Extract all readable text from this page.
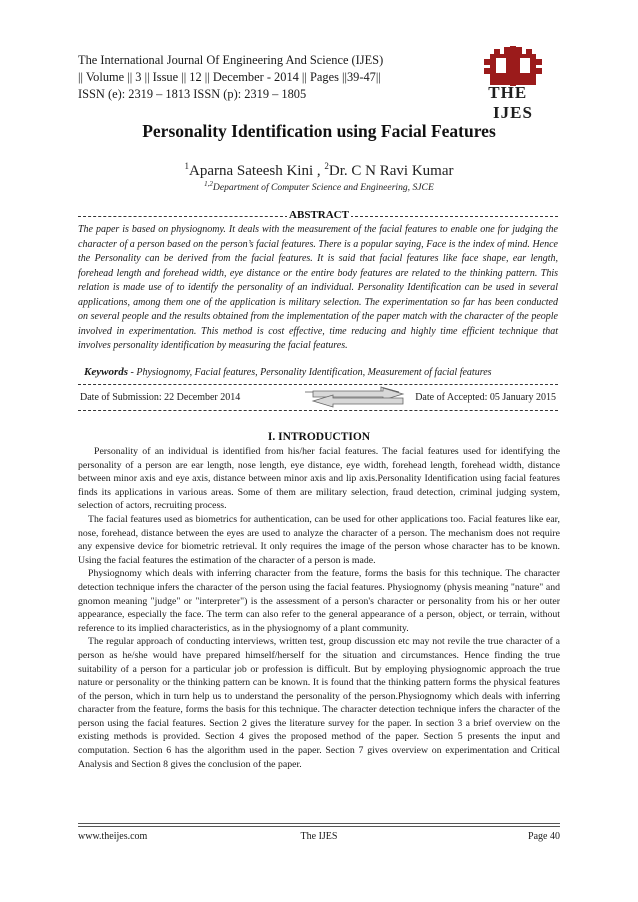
The International Journal Of Engineering And Science (IJES)
|| Volume || 3 || Issue || 12 || December - 2014 || Pages ||39-47||
ISSN (e): 2319 – 1813 ISSN (p): 2319 – 1805	THE   IJES
Personality Identification using Facial Features
$^1$Aparna Sateesh Kini , $^2$Dr. C N Ravi Kumar
$^{1,2}$Department of Computer Science and Engineering, SJCE
ABSTRACT
The paper is based on physiognomy. It deals with the measurement of the facial features to enable one for judging the character of a person based on the person’s facial features. There is a popular saying, Face is the index of mind. Hence the Personality can be derived from the facial features. It is said that facial features like face shape, ear length, forehead length and forehead width, eye distance or the entire body features are related to the thinking pattern. This relation is made use of to identify the personality of an individual. Personality Identification can be used in several applications, among them one of the application is military selection. The experimentation so far has been conducted on several people and the results obtained from the implementation of the paper match with the character of the people involved in experimentation. This method is cost effective, time reducing and highly time efficient technique that involves personality identification by measuring the facial features.
Keywords - Physiognomy, Facial features, Personality Identification, Measurement of facial features
Date of Submission: 22 December 2014	Date of Accepted: 05 January 2015
I. INTRODUCTION

Personality of an individual is identified from his/her facial features. The facial features used for identifying the personality of a person are ear length, nose length, eye distance, eye width, forehead length, forehead width, distance between minor axis and eye axis, distance between minor axis and lip axis.Personality Identification using facial features finds its applications in various areas. Some of them are military selection, fraud detection, criminal judging system, selection of actors, recruiting process.

The facial features used as biometrics for authentication, can be used for other applications too. Facial features like ear, nose, forehead, distance between the eyes are used to analyze the character of a person. The mechanism does not require any expensive device for biometric retrieval. It only requires the image of the person whose character has to be known. Using the facial features the estimation of the character of a person is made.

Physiognomy which deals with inferring character from the feature, forms the basis for this technique. The character detection technique infers the character of the person using the facial features. Physiognomy (physis meaning "nature" and gnomon meaning "judge" or "interpreter") is the assessment of a person's character or personality from his or her outer appearance, especially the face. The term can also refer to the general appearance of a person, object, or terrain, without reference to its implied characteristics, as in the physiognomy of a plant community.

The regular approach of conducting interviews, written test, group discussion etc may not revile the true character of a person as he/she would have prepared himself/herself for the situation and circumstances. Hence finding the true suitability of a person for a particular job or profession is difficult. But by employing physiognomic approach the true nature or personality or the thinking pattern can be known. It is found that the thinking pattern forms the physical features of the person, which in turn help us to understand the personality of the person.Physiognomy which deals with inferring character from the feature, forms the basis for this technique. The character detection technique infers the character of the person using the facial features. Section 2 gives the literature survey for the paper. In section 3 a brief overview on the existing methods is provided. Section 4 gives the proposed method of the paper. Section 5 presents the input and computation. Section 6 has the algorithm used in the paper. Section 7 gives overview on experimentation and Critical Analysis and Section 8 gives the conclusion of the paper.

www.theijes.com	The IJES	Page 40
